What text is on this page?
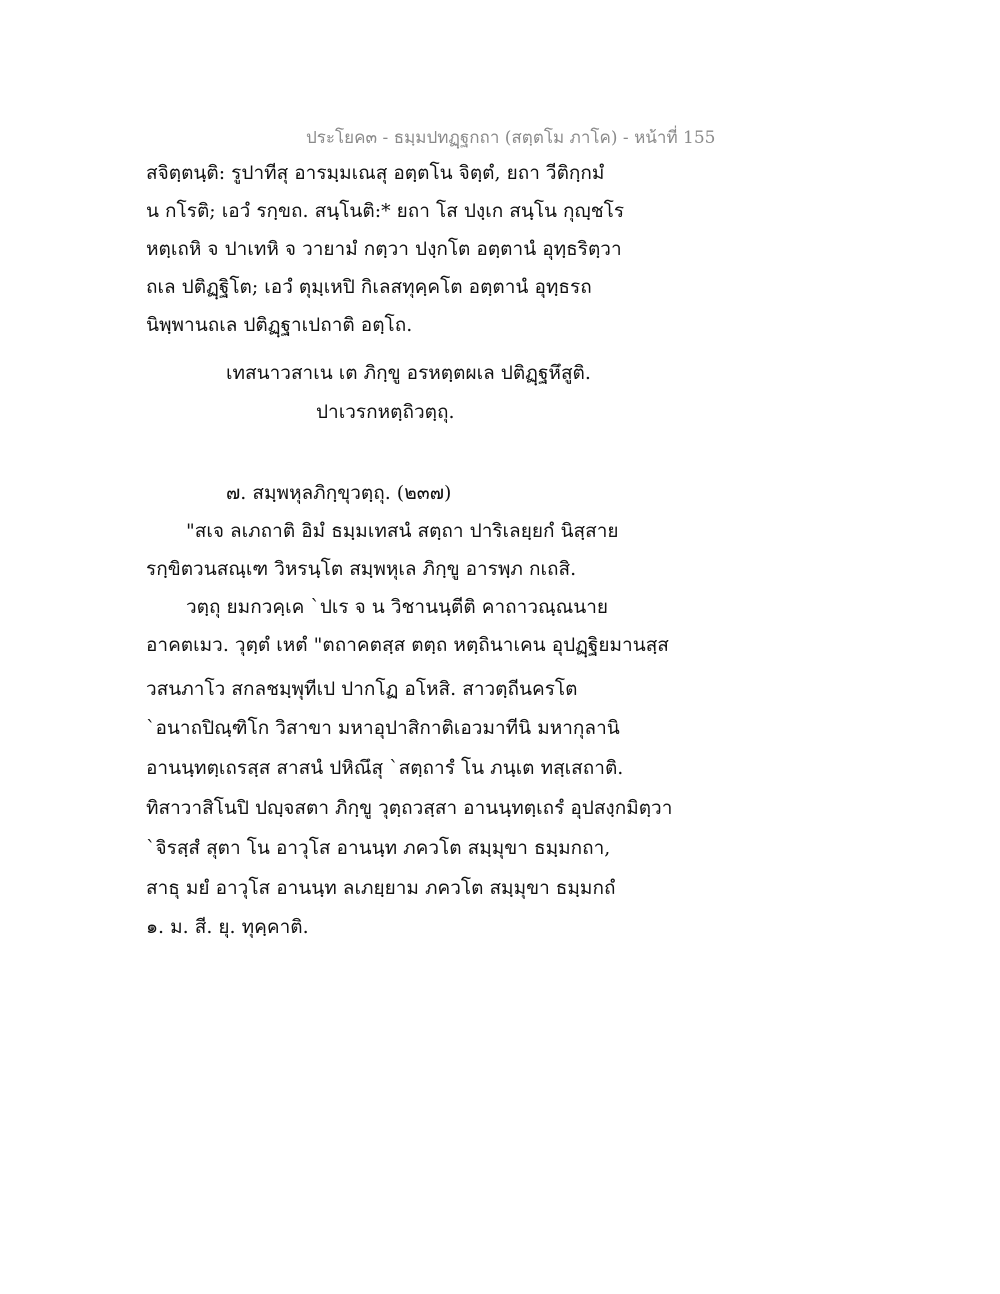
ประโยค๓ - ธมฺมปทฏฺฐกถา (สตฺตโม ภาโค) - หน้าที่ 155
สจิตฺตนฺติ: รูปาทีสุ อารมฺมเณสุ อตฺตโน จิตฺตํ, ยถา วีติกฺกมํ
น กโรติ; เอวํ รกฺขถ. สนฺโนติ:* ยถา โส ปงฺเก สนฺโน กุญฺชโร
หตฺเถหิ จ ปาเทหิ จ วายามํ กตฺวา ปงฺกโต อตฺตานํ อุทฺธริตฺวา
ถเล ปติฏฺฐิโต; เอวํ ตุมฺเหปิ กิเลสทุคฺคโต อตฺตานํ อุทฺธรถ
นิพฺพานถเล ปติฏฺฐาเปถาติ อตฺโถ.
เทสนาวสาเน เต ภิกฺขู อรหตฺตผเล ปติฏฺฐหึสูติ.
ปาเวรกหตฺถิวตฺถุ.
๗. สมฺพหุลภิกฺขุวตฺถุ. (๒๓๗)
"สเจ ลเภถาติ อิมํ ธมฺมเทสนํ สตฺถา ปาริเลยฺยกํ นิสฺสาย
รกฺขิตวนสณฺเฑ วิหรนฺโต สมฺพหุเล ภิกฺขู อารพฺภ กเถสิ.
วตฺถุ ยมกวคฺเค `ปเร จ น วิชานนฺตีติ คาถาวณฺณนาย
อาคตเมว. วุตฺตํ เหตํ "ตถาคตสฺส ตตฺถ หตฺถินาเคน อุปฏฺฐิยมานสฺส
วสนภาโว สกลชมฺพุทีเป ปากโฏ อโหสิ. สาวตฺถีนครโต
`อนาถปิณฺฑิโก วิสาขา มหาอุปาสิกาติเอวมาทีนิ มหากุลานิ
อานนฺทตฺเถรสฺส สาสนํ ปหิณึสุ `สตฺถารํ โน ภนฺเต ทสฺเสถาติ.
ทิสาวาสิโนปิ ปญฺจสตา ภิกฺขู วุตฺถวสฺสา อานนฺทตฺเถรํ อุปสงฺกมิตฺวา
`จิรสฺสํ สุตา โน อาวุโส อานนฺท ภควโต สมฺมุขา ธมฺมกถา,
สาธุ มยํ อาวุโส อานนฺท ลเภยฺยาม ภควโต สมฺมุขา ธมฺมกถํ
๑. ม. สี. ยุ. ทุคฺคาติ.
